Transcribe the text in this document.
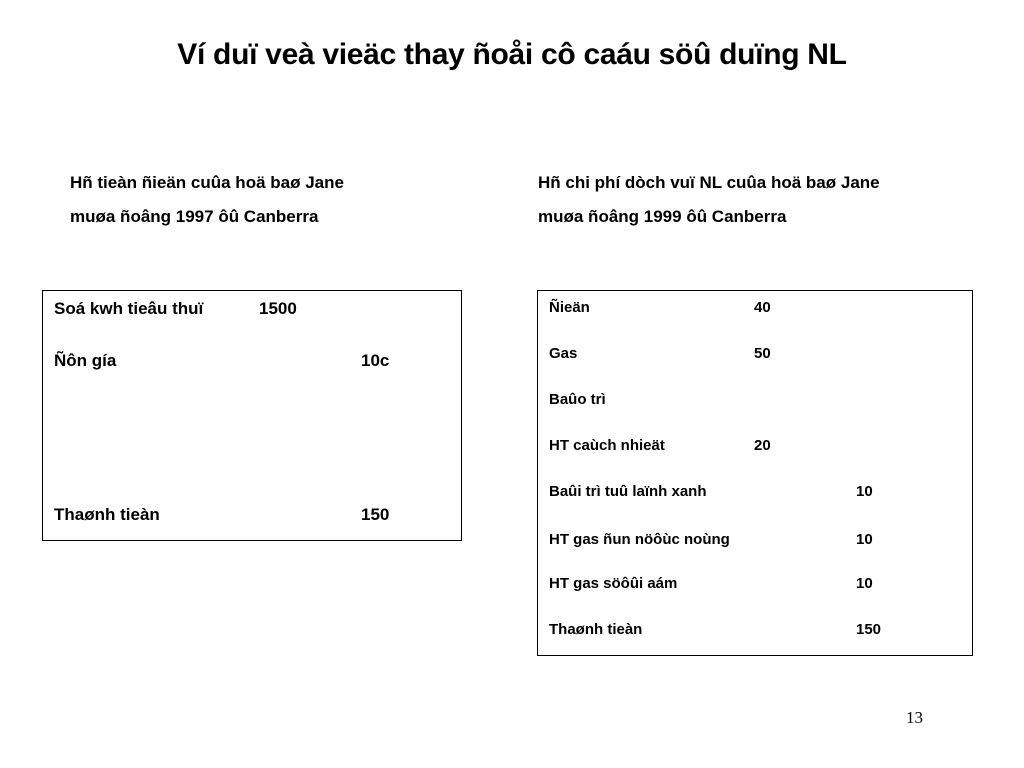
Ví duï veà vieäc thay ñoåi cô caáu söû duïng NL
Hñ tieàn ñieän cuûa hoä baø Jane
muøa ñoâng 1997 ôû Canberra
Hñ chi phí dòch vuï NL cuûa hoä baø Jane
muøa ñoâng 1999 ôû Canberra
Soá kwh tieâu thuï	1500
Ñôn gía	10c
Thaønh tieàn	150
Ñieän	40
Gas	50
Baûo trì
HT caùch nhieät	20
Baûi trì tuû laïnh xanh	10
HT gas ñun nöôùc noùng	10
HT gas söôûi aám	10
Thaønh tieàn	150
13
